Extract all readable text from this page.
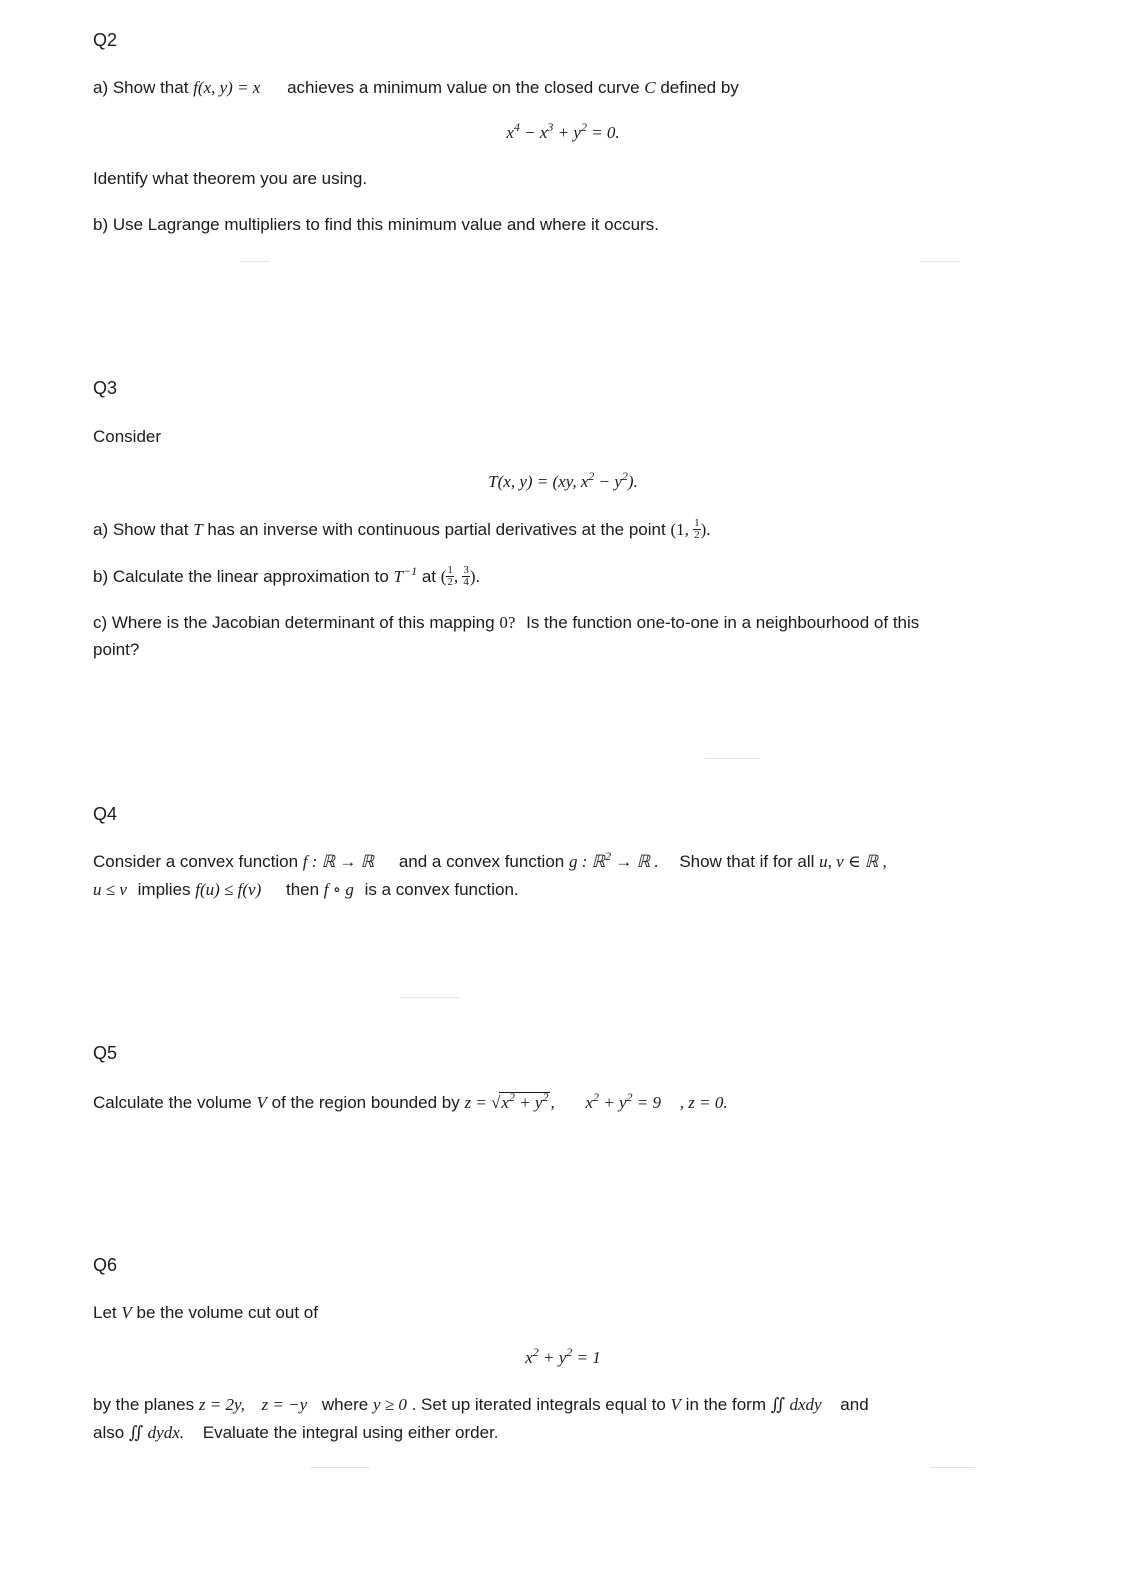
Q2
a) Show that f(x, y) = x achieves a minimum value on the closed curve C defined by
$x^4 - x^3 + y^2 = 0$.
Identify what theorem you are using.
b) Use Lagrange multipliers to find this minimum value and where it occurs.
Q3
Consider
T(x, y) = (xy, $x^2 - y^2$).
a) Show that T has an inverse with continuous partial derivatives at the point (1, $\frac{1}{2}$ ).
b) Calculate the linear approximation to $T^{-1}$ at ( $\frac{1}{2}$ , $\frac{3}{4}$ ).
c) Where is the Jacobian determinant of this mapping 0? Is the function one-to-one in a neighbourhood of this
point?
Q4
Consider a convex function f : ℝ → ℝ and a convex function g : ℝ$^2$ → ℝ . Show that if for all u, v ∈ ℝ ,
u ≤ v implies f(u) ≤ f(v) then f ∘ g is a convex function.
Q5
Calculate the volume V of the region bounded by $z = √x^2 + y^2$ , $x^2 + y^2 = 9$ , z = 0.
Q6
Let V be the volume cut out of
$x^2 + y^2 = 1$
by the planes z = 2y, z = −y where y ≥ 0 . Set up iterated integrals equal to V in the form ∬ dxdy and
also ∬ dydx. Evaluate the integral using either order.
